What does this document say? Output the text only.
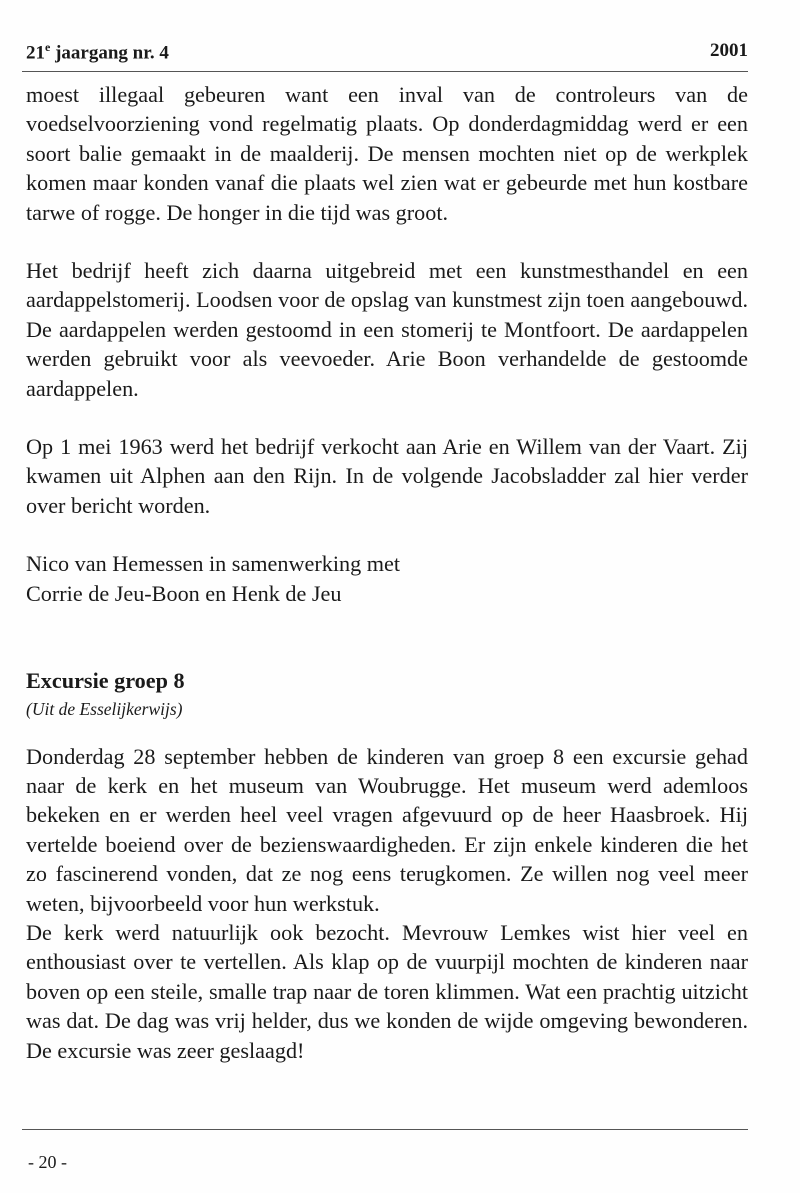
21e jaargang nr. 4	2001

moest illegaal gebeuren want een inval van de controleurs van de voedselvoorziening vond regelmatig plaats. Op donderdagmiddag werd er een soort balie gemaakt in de maalderij. De mensen mochten niet op de werkplek komen maar konden vanaf die plaats wel zien wat er gebeurde met hun kostbare tarwe of rogge. De honger in die tijd was groot.

Het bedrijf heeft zich daarna uitgebreid met een kunstmesthandel en een aardappelstomerij. Loodsen voor de opslag van kunstmest zijn toen aangebouwd. De aardappelen werden gestoomd in een stomerij te Montfoort. De aardappelen werden gebruikt voor als veevoeder. Arie Boon verhandelde de gestoomde aardappelen.

Op 1 mei 1963 werd het bedrijf verkocht aan Arie en Willem van der Vaart. Zij kwamen uit Alphen aan den Rijn. In de volgende Jacobsladder zal hier verder over bericht worden.

Nico van Hemessen in samenwerking met

Corrie de Jeu-Boon en Henk de Jeu

Excursie groep 8

(Uit de Esselijkerwijs)

Donderdag 28 september hebben de kinderen van groep 8 een excursie gehad naar de kerk en het museum van Woubrugge. Het museum werd ademloos bekeken en er werden heel veel vragen afgevuurd op de heer Haasbroek. Hij vertelde boeiend over de bezienswaardigheden. Er zijn enkele kinderen die het zo fascinerend vonden, dat ze nog eens terugkomen. Ze willen nog veel meer weten, bijvoorbeeld voor hun werkstuk.

De kerk werd natuurlijk ook bezocht. Mevrouw Lemkes wist hier veel en enthousiast over te vertellen. Als klap op de vuurpijl mochten de kinderen naar boven op een steile, smalle trap naar de toren klimmen. Wat een prachtig uitzicht was dat. De dag was vrij helder, dus we konden de wijde omgeving bewonderen. De excursie was zeer geslaagd!

- 20 -
